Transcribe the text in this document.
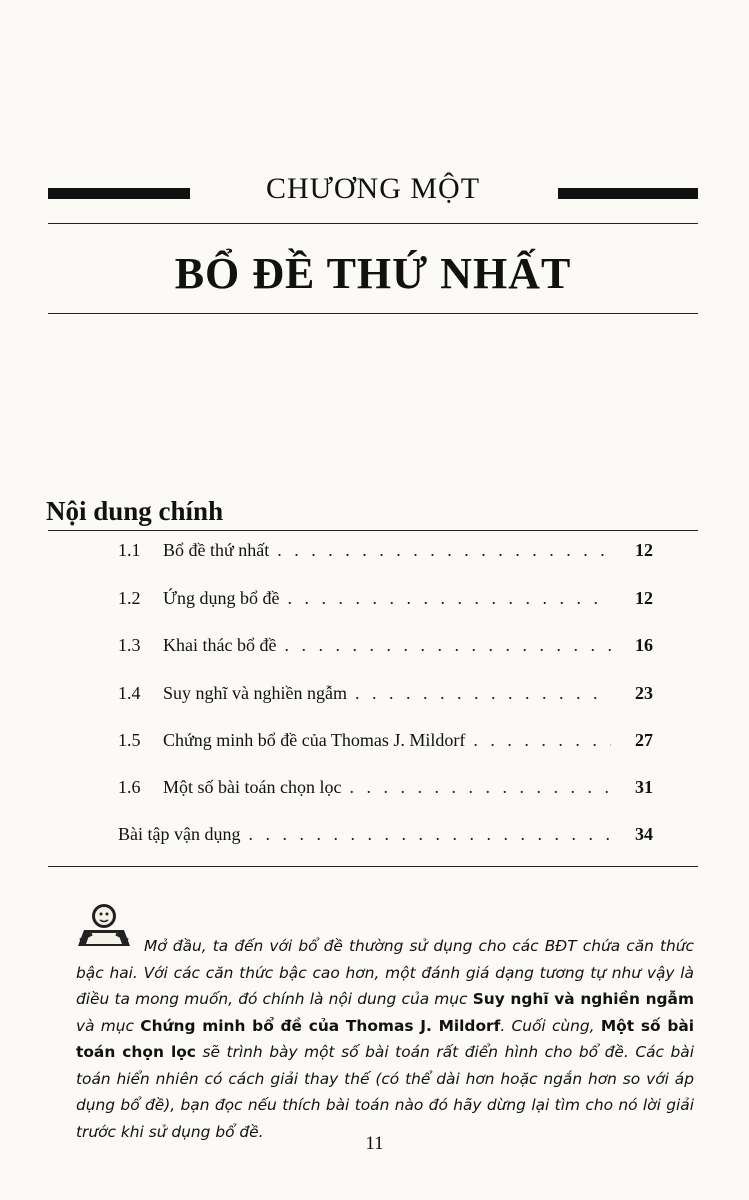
CHƯƠNG MỘT
BỔ ĐỀ THỨ NHẤT
Nội dung chính
1.1	Bổ đề thứ nhất . . .	12
1.2	Ứng dụng bổ đề . . .	12
1.3	Khai thác bổ đề . . .	16
1.4	Suy nghĩ và nghiền ngẫm . . .	23
1.5	Chứng minh bổ đề của Thomas J. Mildorf . . .	27
1.6	Một số bài toán chọn lọc . . .	31
Bài tập vận dụng . . .	34
Mở đầu, ta đến với bổ đề thường sử dụng cho các BĐT chứa căn thức bậc hai. Với các căn thức bậc cao hơn, một đánh giá dạng tương tự như vậy là điều ta mong muốn, đó chính là nội dung của mục Suy nghĩ và nghiền ngẫm và mục Chứng minh bổ đề của Thomas J. Mildorf. Cuối cùng, Một số bài toán chọn lọc sẽ trình bày một số bài toán rất điển hình cho bổ đề. Các bài toán hiển nhiên có cách giải thay thế (có thể dài hơn hoặc ngắn hơn so với áp dụng bổ đề), bạn đọc nếu thích bài toán nào đó hãy dừng lại tìm cho nó lời giải trước khi sử dụng bổ đề.
11
